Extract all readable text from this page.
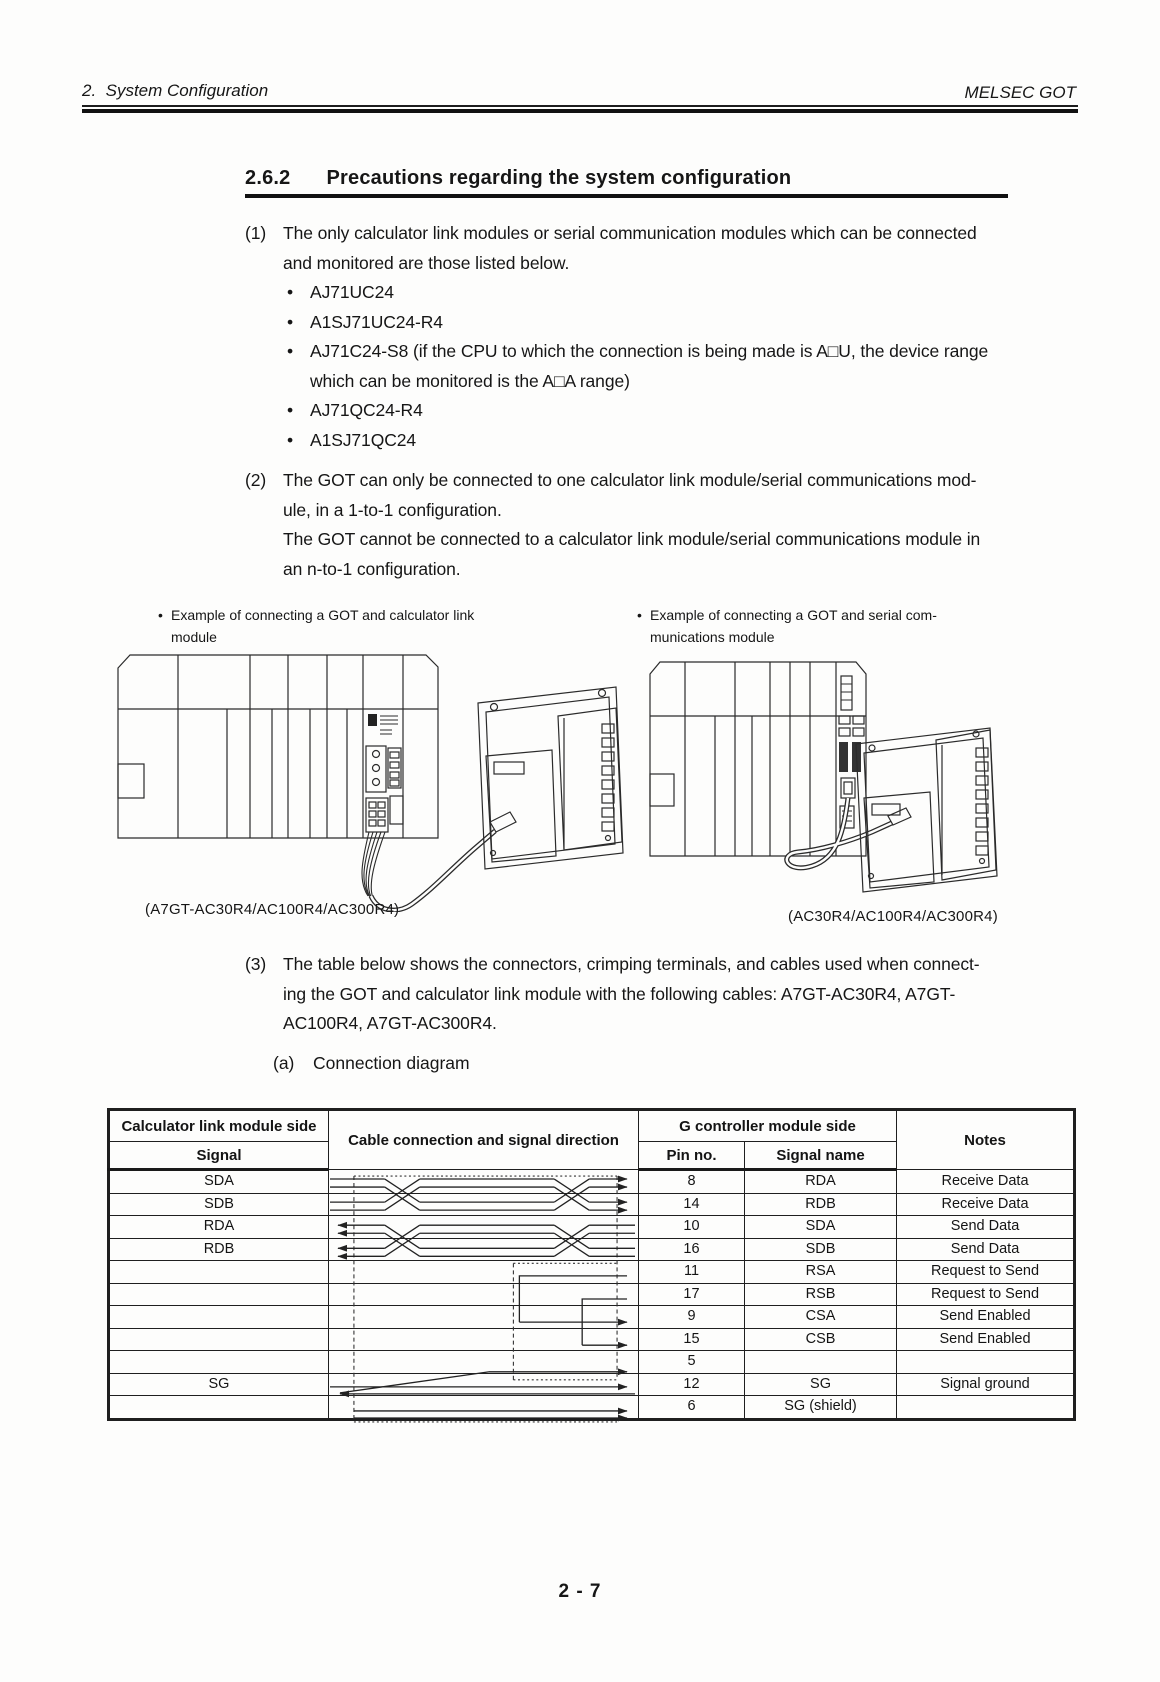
2.  System Configuration	MELSEC GOT
2.6.2 Precautions regarding the system configuration
(1) The only calculator link modules or serial communication modules which can be connected
and monitored are those listed below.
• AJ71UC24
• A1SJ71UC24-R4
• AJ71C24-S8 (if the CPU to which the connection is being made is A□U, the device range
which can be monitored is the A□A range)
• AJ71QC24-R4
• A1SJ71QC24
(2) The GOT can only be connected to one calculator link module/serial communications mod-
ule, in a 1-to-1 configuration.
The GOT cannot be connected to a calculator link module/serial communications module in
an n-to-1 configuration.
• Example of connecting a GOT and calculator link
module
• Example of connecting a GOT and serial com-
munications module
(A7GT-AC30R4/AC100R4/AC300R4)	(AC30R4/AC100R4/AC300R4)
(3) The table below shows the connectors, crimping terminals, and cables used when connect-
ing the GOT and calculator link module with the following cables: A7GT-AC30R4, A7GT-
AC100R4, A7GT-AC300R4.
(a)	Connection diagram
Calculator link module side	Cable connection and signal direction	G controller module side		Notes
Signal		Pin no.	Signal name	
SDA		8	RDA	Receive Data
SDB		14	RDB	Receive Data
RDA		10	SDA	Send Data
RDB		16	SDB	Send Data
		11	RSA	Request to Send
		17	RSB	Request to Send
		9	CSA	Send Enabled
		15	CSB	Send Enabled
		5		
SG		12	SG	Signal ground
		6	SG (shield)	
2 - 7
